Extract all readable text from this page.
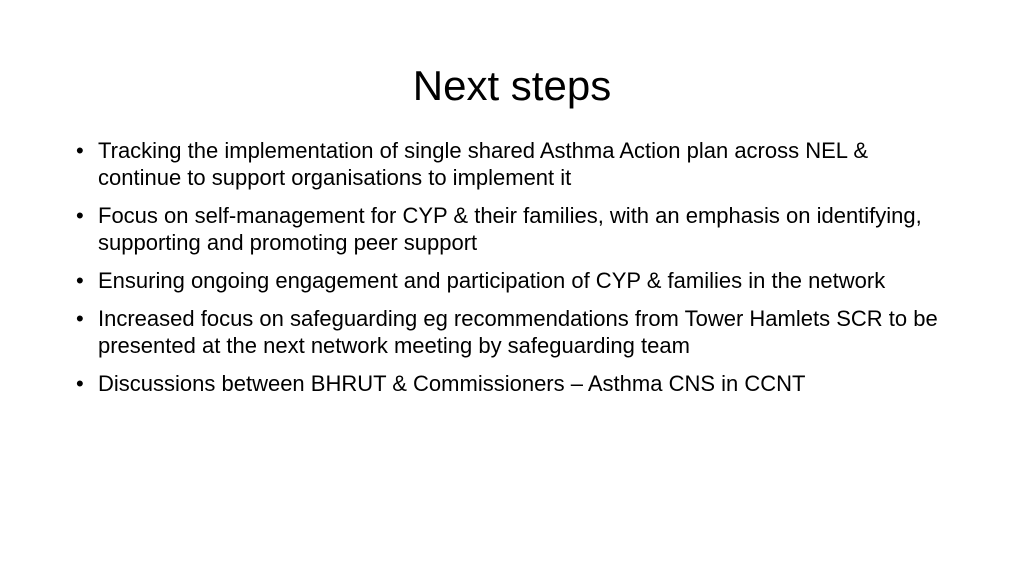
Next steps
• Tracking the implementation of single shared Asthma Action plan across NEL & continue to support organisations to implement it
• Focus on self-management for CYP & their families, with an emphasis on identifying, supporting and promoting peer support
• Ensuring ongoing engagement and participation of CYP & families in the network
• Increased focus on safeguarding eg recommendations from Tower Hamlets SCR to be presented at the next network meeting by safeguarding team
• Discussions between BHRUT & Commissioners – Asthma CNS in CCNT
